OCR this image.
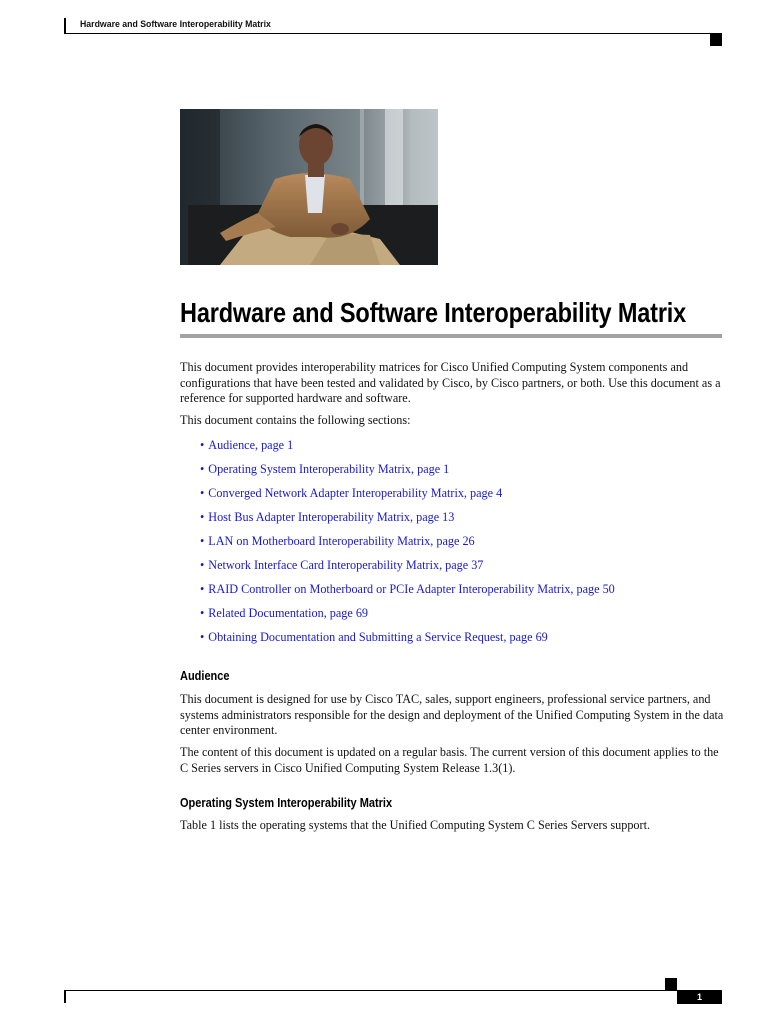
Hardware and Software Interoperability Matrix
Hardware and Software Interoperability Matrix
This document provides interoperability matrices for Cisco Unified Computing System components and configurations that have been tested and validated by Cisco, by Cisco partners, or both. Use this document as a reference for supported hardware and software.
This document contains the following sections:
• Audience, page 1
• Operating System Interoperability Matrix, page 1
• Converged Network Adapter Interoperability Matrix, page 4
• Host Bus Adapter Interoperability Matrix, page 13
• LAN on Motherboard Interoperability Matrix, page 26
• Network Interface Card Interoperability Matrix, page 37
• RAID Controller on Motherboard or PCIe Adapter Interoperability Matrix, page 50
• Related Documentation, page 69
• Obtaining Documentation and Submitting a Service Request, page 69
Audience
This document is designed for use by Cisco TAC, sales, support engineers, professional service partners, and systems administrators responsible for the design and deployment of the Unified Computing System in the data center environment.
The content of this document is updated on a regular basis. The current version of this document applies to the C Series servers in Cisco Unified Computing System Release 1.3(1).
Operating System Interoperability Matrix
Table 1 lists the operating systems that the Unified Computing System C Series Servers support.
1
